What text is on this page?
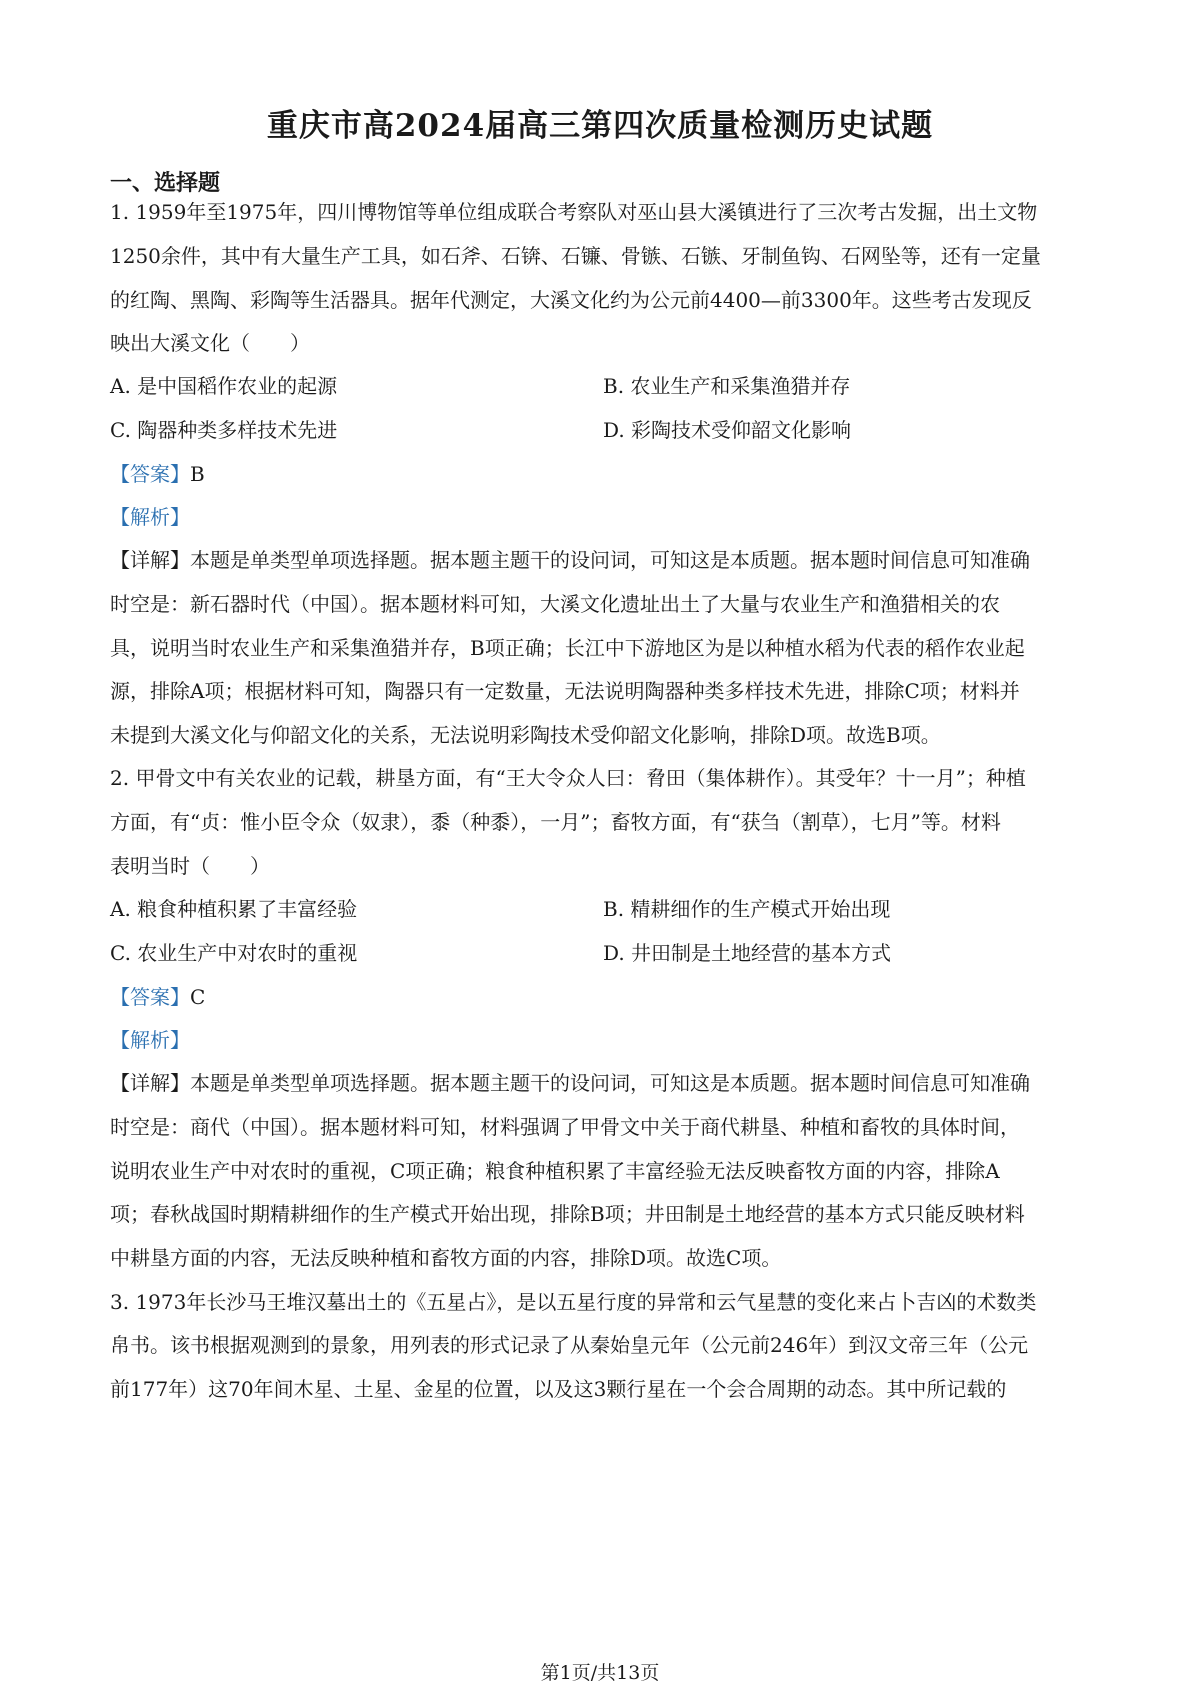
重庆市高2024届高三第四次质量检测历史试题
一、选择题
1. 1959年至1975年，四川博物馆等单位组成联合考察队对巫山县大溪镇进行了三次考古发掘，出土文物
1250余件，其中有大量生产工具，如石斧、石锛、石镰、骨镞、石镞、牙制鱼钩、石网坠等，还有一定量
的红陶、黑陶、彩陶等生活器具。据年代测定，大溪文化约为公元前4400—前3300年。这些考古发现反
映出大溪文化（　　）
A. 是中国稻作农业的起源	B. 农业生产和采集渔猎并存
C. 陶器种类多样技术先进	D. 彩陶技术受仰韶文化影响
【答案】B
【解析】
【详解】本题是单类型单项选择题。据本题主题干的设问词，可知这是本质题。据本题时间信息可知准确
时空是：新石器时代（中国）。据本题材料可知，大溪文化遗址出土了大量与农业生产和渔猎相关的农
具，说明当时农业生产和采集渔猎并存，B项正确；长江中下游地区为是以种植水稻为代表的稻作农业起
源，排除A项；根据材料可知，陶器只有一定数量，无法说明陶器种类多样技术先进，排除C项；材料并
未提到大溪文化与仰韶文化的关系，无法说明彩陶技术受仰韶文化影响，排除D项。故选B项。
2. 甲骨文中有关农业的记载，耕垦方面，有“王大令众人曰：脅田（集体耕作）。其受年？十一月”；种植
方面，有“贞：惟小臣令众（奴隶），黍（种黍），一月”；畜牧方面，有“获刍（割草），七月”等。材料
表明当时（　　）
A. 粮食种植积累了丰富经验	B. 精耕细作的生产模式开始出现
C. 农业生产中对农时的重视	D. 井田制是土地经营的基本方式
【答案】C
【解析】
【详解】本题是单类型单项选择题。据本题主题干的设问词，可知这是本质题。据本题时间信息可知准确
时空是：商代（中国）。据本题材料可知，材料强调了甲骨文中关于商代耕垦、种植和畜牧的具体时间，
说明农业生产中对农时的重视，C项正确；粮食种植积累了丰富经验无法反映畜牧方面的内容，排除A
项；春秋战国时期精耕细作的生产模式开始出现，排除B项；井田制是土地经营的基本方式只能反映材料
中耕垦方面的内容，无法反映种植和畜牧方面的内容，排除D项。故选C项。
3. 1973年长沙马王堆汉墓出土的《五星占》，是以五星行度的异常和云气星慧的变化来占卜吉凶的术数类
帛书。该书根据观测到的景象，用列表的形式记录了从秦始皇元年（公元前246年）到汉文帝三年（公元
前177年）这70年间木星、土星、金星的位置，以及这3颗行星在一个会合周期的动态。其中所记载的
第1页/共13页
